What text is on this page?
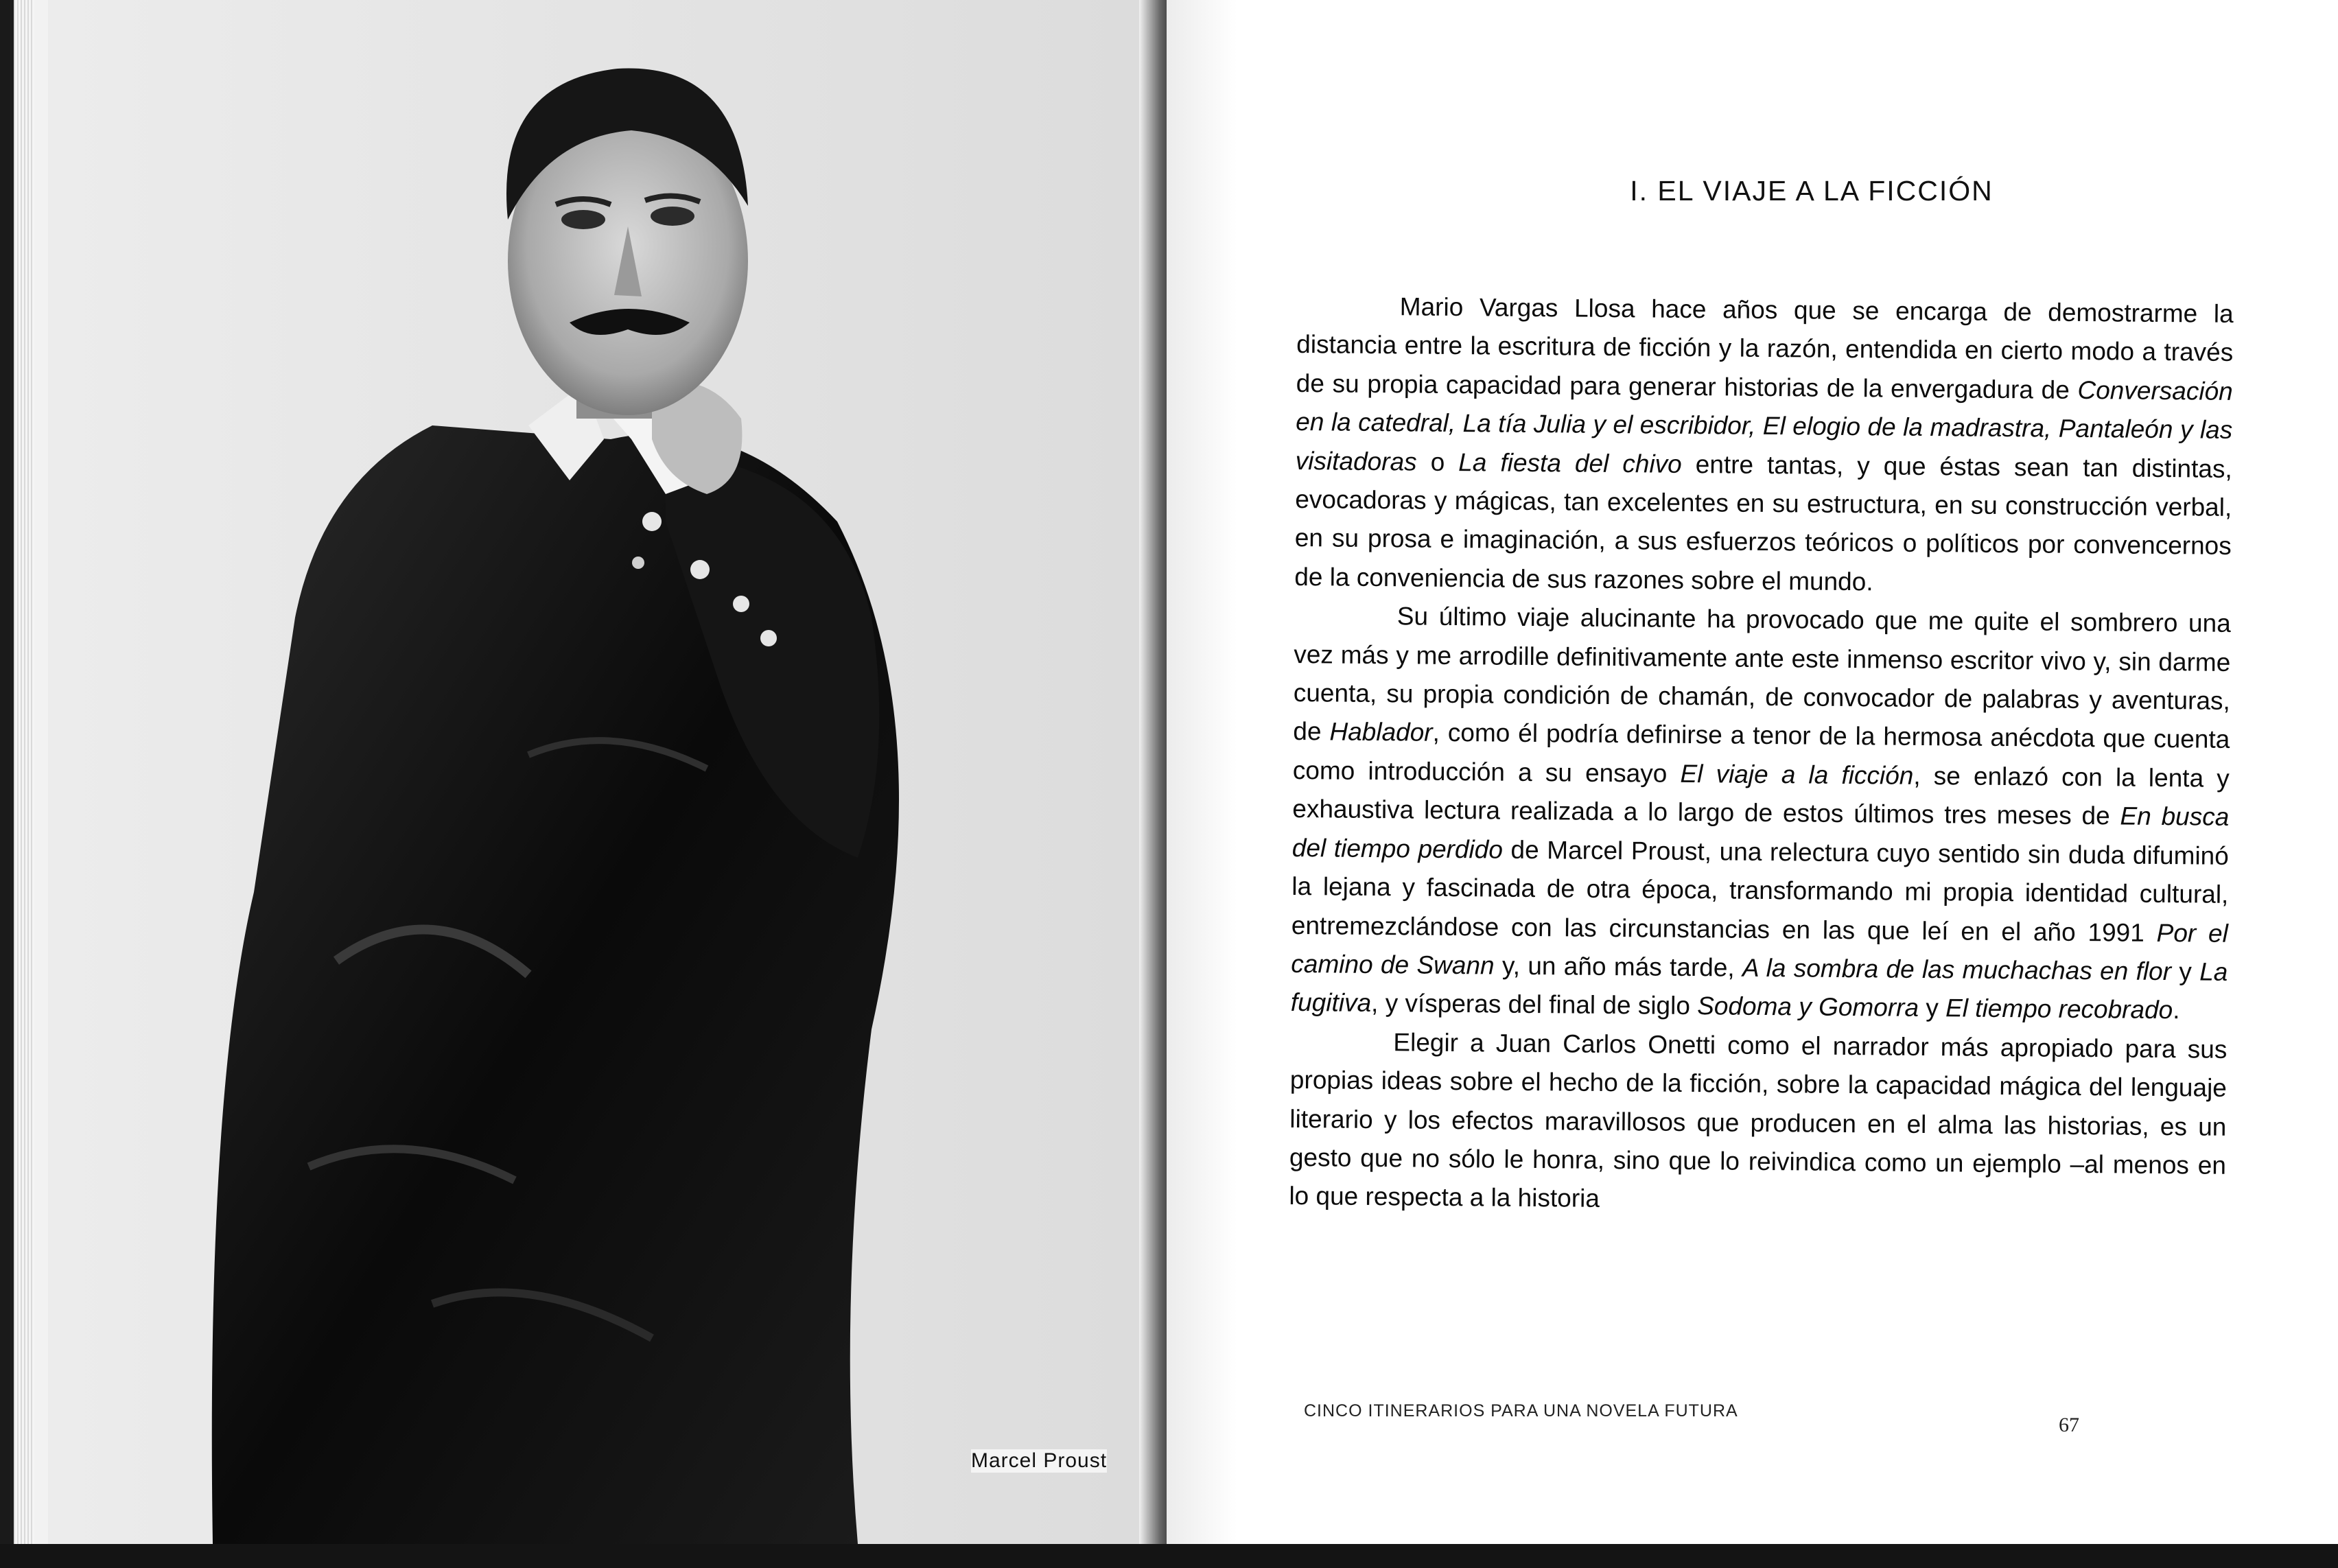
Marcel Proust
I. EL VIAJE A LA FICCIÓN

Mario Vargas Llosa hace años que se encarga de demostrarme la distancia entre la escritura de ficción y la razón, entendida en cierto modo a través de su propia capacidad para generar historias de la envergadura de Conversación en la catedral, La tía Julia y el escribidor, El elogio de la madrastra, Pantaleón y las visitadoras o La fiesta del chivo entre tantas, y que éstas sean tan distintas, evocadoras y mágicas, tan excelentes en su estructura, en su construcción verbal, en su prosa e imaginación, a sus esfuerzos teóricos o políticos por convencernos de la conveniencia de sus razones sobre el mundo.

Su último viaje alucinante ha provocado que me quite el sombrero una vez más y me arrodille definitivamente ante este inmenso escritor vivo y, sin darme cuenta, su propia condición de chamán, de convocador de palabras y aventuras, de Hablador, como él podría definirse a tenor de la hermosa anécdota que cuenta como introducción a su ensayo El viaje a la ficción, se enlazó con la lenta y exhaustiva lectura realizada a lo largo de estos últimos tres meses de En busca del tiempo perdido de Marcel Proust, una relectura cuyo sentido sin duda difuminó la lejana y fascinada de otra época, transformando mi propia identidad cultural, entremezclándose con las circunstancias en las que leí en el año 1991 Por el camino de Swann y, un año más tarde, A la sombra de las muchachas en flor y La fugitiva, y vísperas del final de siglo Sodoma y Gomorra y El tiempo recobrado.

Elegir a Juan Carlos Onetti como el narrador más apropiado para sus propias ideas sobre el hecho de la ficción, sobre la capacidad mágica del lenguaje literario y los efectos maravillosos que producen en el alma las historias, es un gesto que no sólo le honra, sino que lo reivindica como un ejemplo –al menos en lo que respecta a la historia

CINCO ITINERARIOS PARA UNA NOVELA FUTURA
67
